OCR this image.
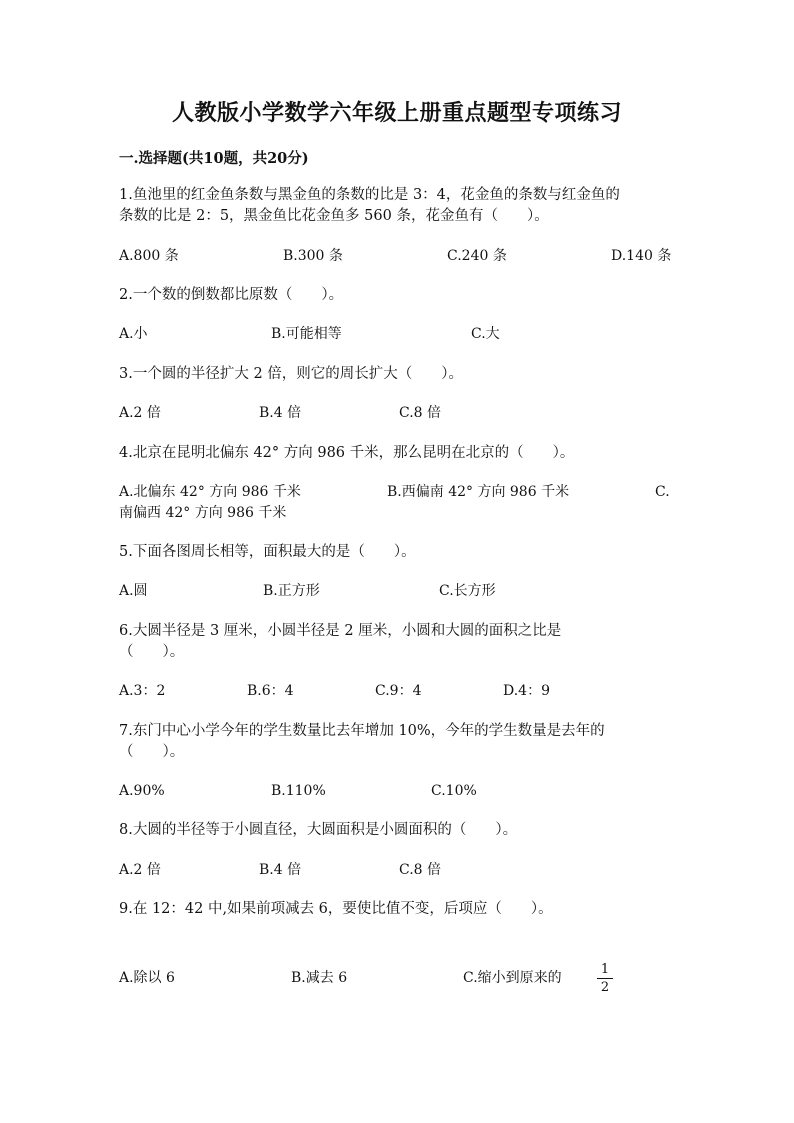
人教版小学数学六年级上册重点题型专项练习
一.选择题(共10题，共20分)
1.鱼池里的红金鱼条数与黑金鱼的条数的比是 3：4，花金鱼的条数与红金鱼的
条数的比是 2：5，黑金鱼比花金鱼多 560 条，花金鱼有（　　）。
A.800 条	B.300 条	C.240 条	D.140 条
2.一个数的倒数都比原数（　　）。
A.小	B.可能相等	C.大
3.一个圆的半径扩大 2 倍，则它的周长扩大（　　）。
A.2 倍	B.4 倍	C.8 倍
4.北京在昆明北偏东 42° 方向 986 千米，那么昆明在北京的（　　）。
A.北偏东 42° 方向 986 千米	B.西偏南 42° 方向 986 千米	C.
南偏西 42° 方向 986 千米
5.下面各图周长相等，面积最大的是（　　）。
A.圆	B.正方形	C.长方形
6.大圆半径是 3 厘米，小圆半径是 2 厘米，小圆和大圆的面积之比是
（　　）。
A.3：2	B.6：4	C.9：4	D.4：9
7.东门中心小学今年的学生数量比去年增加 10%，今年的学生数量是去年的
（　　）。
A.90%	B.110%	C.10%
8.大圆的半径等于小圆直径，大圆面积是小圆面积的（　　）。
A.2 倍	B.4 倍	C.8 倍
9.在 12：42 中,如果前项减去 6，要使比值不变，后项应（　　）。
A.除以 6	B.减去 6	C.缩小到原来的
1
2
